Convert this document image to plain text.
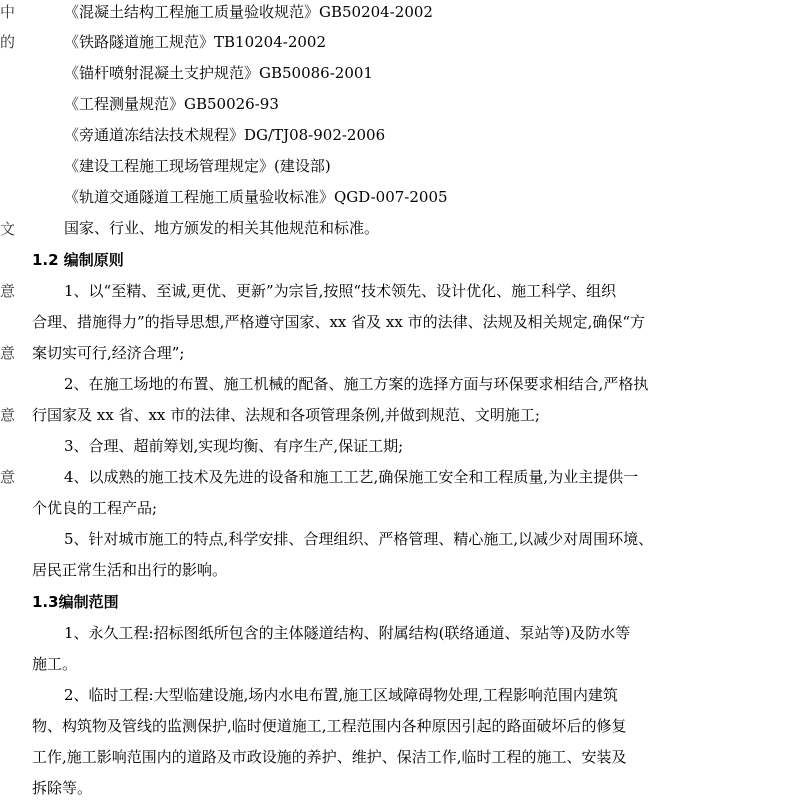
中
的
文
意
意
意
意
《混凝土结构工程施工质量验收规范》GB50204-2002
《铁路隧道施工规范》TB10204-2002
《锚杆喷射混凝土支护规范》GB50086-2001
《工程测量规范》GB50026-93
《旁通道冻结法技术规程》DG/TJ08-902-2006
《建设工程施工现场管理规定》(建设部)
《轨道交通隧道工程施工质量验收标准》QGD-007-2005
国家、行业、地方颁发的相关其他规范和标准。
1.2 编制原则
1、以“至精、至诚,更优、更新”为宗旨,按照“技术领先、设计优化、施工科学、组织
合理、措施得力”的指导思想,严格遵守国家、xx 省及 xx 市的法律、法规及相关规定,确保“方
案切实可行,经济合理”;
2、在施工场地的布置、施工机械的配备、施工方案的选择方面与环保要求相结合,严格执
行国家及 xx 省、xx 市的法律、法规和各项管理条例,并做到规范、文明施工;
3、合理、超前筹划,实现均衡、有序生产,保证工期;
4、以成熟的施工技术及先进的设备和施工工艺,确保施工安全和工程质量,为业主提供一
个优良的工程产品;
5、针对城市施工的特点,科学安排、合理组织、严格管理、精心施工,以减少对周围环境、
居民正常生活和出行的影响。
1.3编制范围
1、永久工程:招标图纸所包含的主体隧道结构、附属结构(联络通道、泵站等)及防水等
施工。
2、临时工程:大型临建设施,场内水电布置,施工区域障碍物处理,工程影响范围内建筑
物、构筑物及管线的监测保护,临时便道施工,工程范围内各种原因引起的路面破坏后的修复
工作,施工影响范围内的道路及市政设施的养护、维护、保洁工作,临时工程的施工、安装及
拆除等。
